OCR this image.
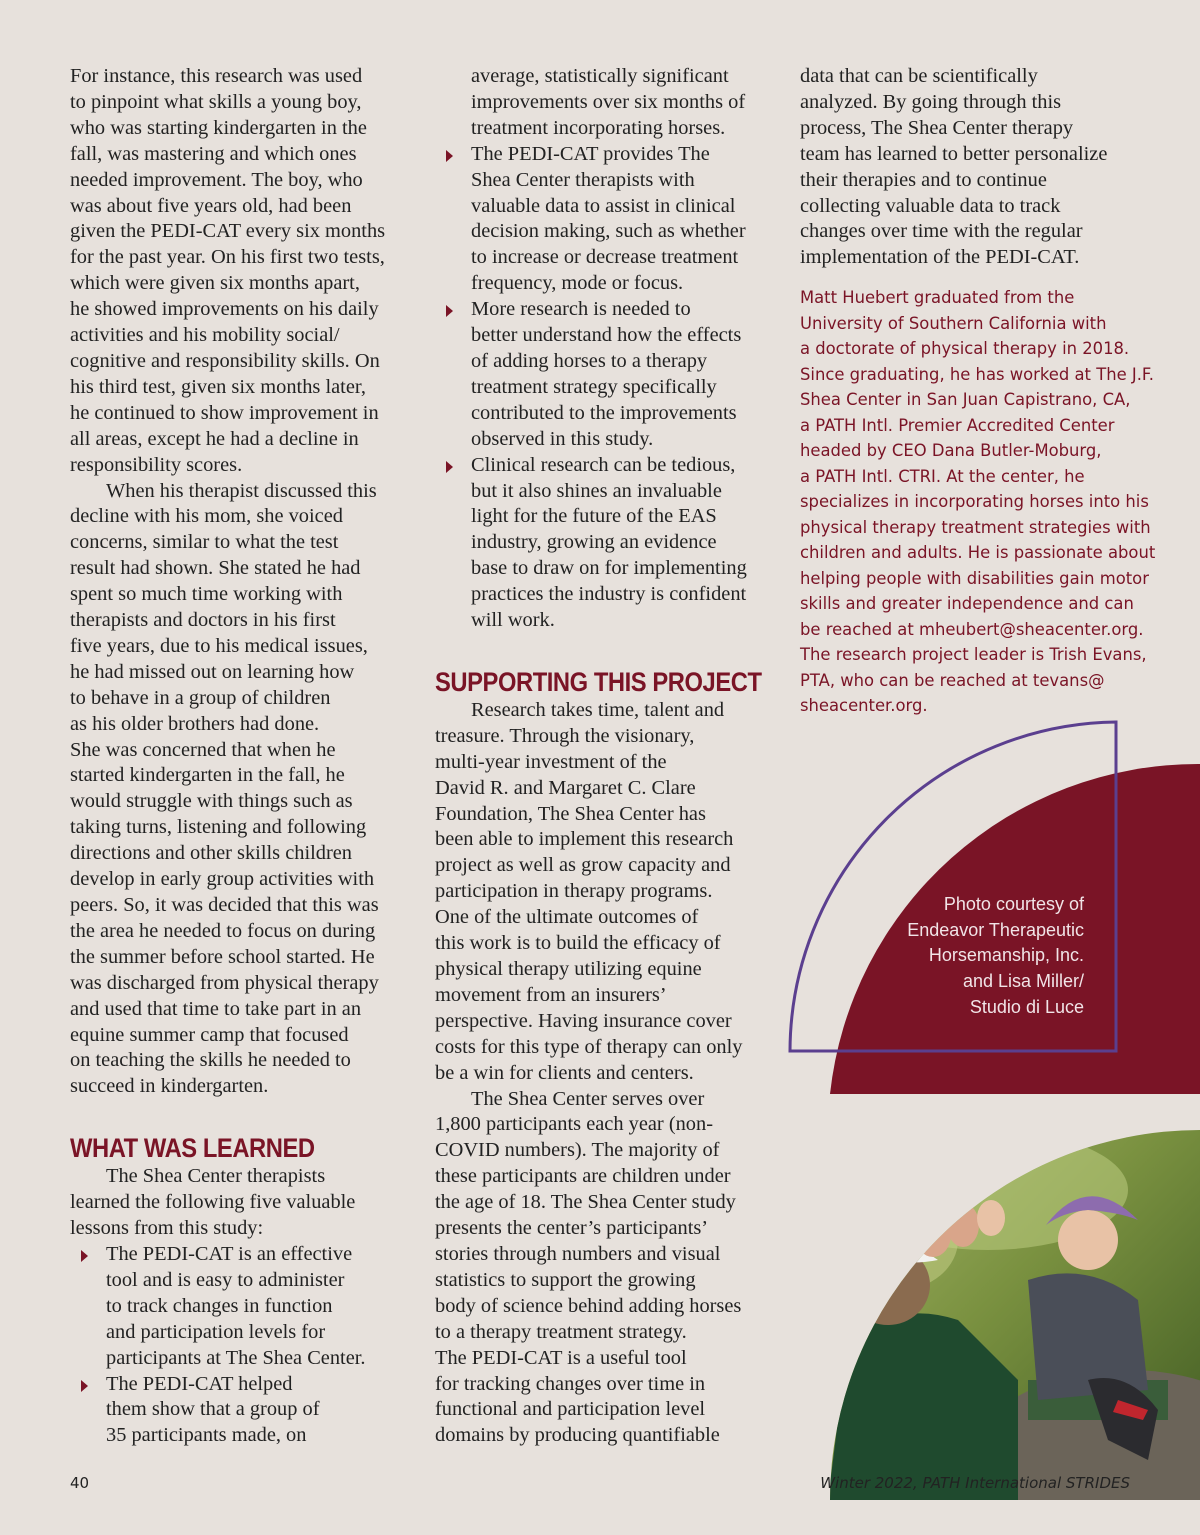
For instance, this research was used
to pinpoint what skills a young boy,
who was starting kindergarten in the
fall, was mastering and which ones
needed improvement. The boy, who
was about five years old, had been
given the PEDI-CAT every six months
for the past year. On his first two tests,
which were given six months apart,
he showed improvements on his daily
activities and his mobility social/
cognitive and responsibility skills. On
his third test, given six months later,
he continued to show improvement in
all areas, except he had a decline in
responsibility scores.

When his therapist discussed this
decline with his mom, she voiced
concerns, similar to what the test
result had shown. She stated he had
spent so much time working with
therapists and doctors in his first
five years, due to his medical issues,
he had missed out on learning how
to behave in a group of children
as his older brothers had done.
She was concerned that when he
started kindergarten in the fall, he
would struggle with things such as
taking turns, listening and following
directions and other skills children
develop in early group activities with
peers. So, it was decided that this was
the area he needed to focus on during
the summer before school started. He
was discharged from physical therapy
and used that time to take part in an
equine summer camp that focused
on teaching the skills he needed to
succeed in kindergarten.

WHAT WAS LEARNED

The Shea Center therapists
learned the following five valuable
lessons from this study:

The PEDI-CAT is an effective
tool and is easy to administer
to track changes in function
and participation levels for
participants at The Shea Center.
The PEDI-CAT helped
them show that a group of
35 participants made, on
average, statistically significant
improvements over six months of
treatment incorporating horses.
The PEDI-CAT provides The
Shea Center therapists with
valuable data to assist in clinical
decision making, such as whether
to increase or decrease treatment
frequency, mode or focus.
More research is needed to
better understand how the effects
of adding horses to a therapy
treatment strategy specifically
contributed to the improvements
observed in this study.
Clinical research can be tedious,
but it also shines an invaluable
light for the future of the EAS
industry, growing an evidence
base to draw on for implementing
practices the industry is confident
will work.
SUPPORTING THIS PROJECT

Research takes time, talent and
treasure. Through the visionary,
multi-year investment of the
David R. and Margaret C. Clare
Foundation, The Shea Center has
been able to implement this research
project as well as grow capacity and
participation in therapy programs.
One of the ultimate outcomes of
this work is to build the efficacy of
physical therapy utilizing equine
movement from an insurers’
perspective. Having insurance cover
costs for this type of therapy can only
be a win for clients and centers.

The Shea Center serves over
1,800 participants each year (non-
COVID numbers). The majority of
these participants are children under
the age of 18. The Shea Center study
presents the center’s participants’
stories through numbers and visual
statistics to support the growing
body of science behind adding horses
to a therapy treatment strategy.
The PEDI-CAT is a useful tool
for tracking changes over time in
functional and participation level
domains by producing quantifiable

data that can be scientifically
analyzed. By going through this
process, The Shea Center therapy
team has learned to better personalize
their therapies and to continue
collecting valuable data to track
changes over time with the regular
implementation of the PEDI-CAT.

Matt Huebert graduated from the
University of Southern California with
a doctorate of physical therapy in 2018.
Since graduating, he has worked at The J.F.
Shea Center in San Juan Capistrano, CA,
a PATH Intl. Premier Accredited Center
headed by CEO Dana Butler-Moburg,
a PATH Intl. CTRI. At the center, he
specializes in incorporating horses into his
physical therapy treatment strategies with
children and adults. He is passionate about
helping people with disabilities gain motor
skills and greater independence and can
be reached at mheubert@sheacenter.org.
The research project leader is Trish Evans,
PTA, who can be reached at tevans@
sheacenter.org.
Photo courtesy of
Endeavor Therapeutic
Horsemanship, Inc.
and Lisa Miller/
Studio di Luce
40	Winter 2022, PATH International STRIDES
